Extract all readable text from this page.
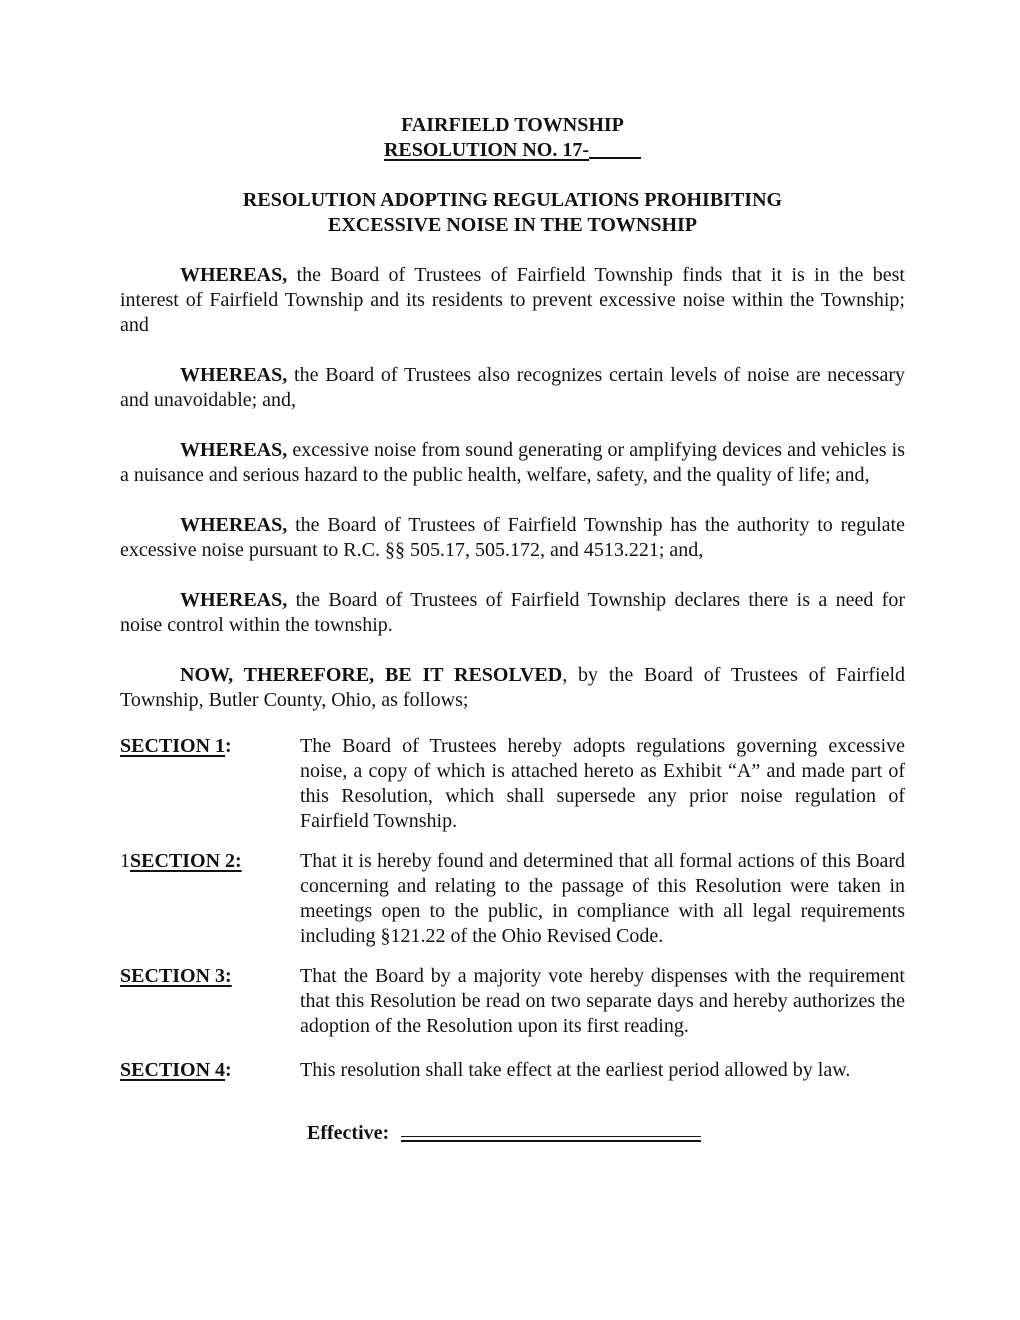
FAIRFIELD TOWNSHIP
RESOLUTION NO. 17-
RESOLUTION ADOPTING REGULATIONS PROHIBITING
EXCESSIVE NOISE IN THE TOWNSHIP

WHEREAS, the Board of Trustees of Fairfield Township finds that it is in the best interest of Fairfield Township and its residents to prevent excessive noise within the Township; and

WHEREAS, the Board of Trustees also recognizes certain levels of noise are necessary and unavoidable; and,

WHEREAS, excessive noise from sound generating or amplifying devices and vehicles is a nuisance and serious hazard to the public health, welfare, safety, and the quality of life; and,

WHEREAS, the Board of Trustees of Fairfield Township has the authority to regulate excessive noise pursuant to R.C. §§ 505.17, 505.172, and 4513.221; and,

WHEREAS, the Board of Trustees of Fairfield Township declares there is a need for noise control within the township.

NOW, THEREFORE, BE IT RESOLVED, by the Board of Trustees of Fairfield Township, Butler County, Ohio, as follows;

SECTION 1:	The Board of Trustees hereby adopts regulations governing excessive noise, a copy of which is attached hereto as Exhibit “A” and made part of this Resolution, which shall supersede any prior noise regulation of Fairfield Township.
1SECTION 2:	That it is hereby found and determined that all formal actions of this Board concerning and relating to the passage of this Resolution were taken in meetings open to the public, in compliance with all legal requirements including §121.22 of the Ohio Revised Code.
SECTION 3:	That the Board by a majority vote hereby dispenses with the requirement that this Resolution be read on two separate days and hereby authorizes the adoption of the Resolution upon its first reading.
SECTION 4:	This resolution shall take effect at the earliest period allowed by law.
Effective:
